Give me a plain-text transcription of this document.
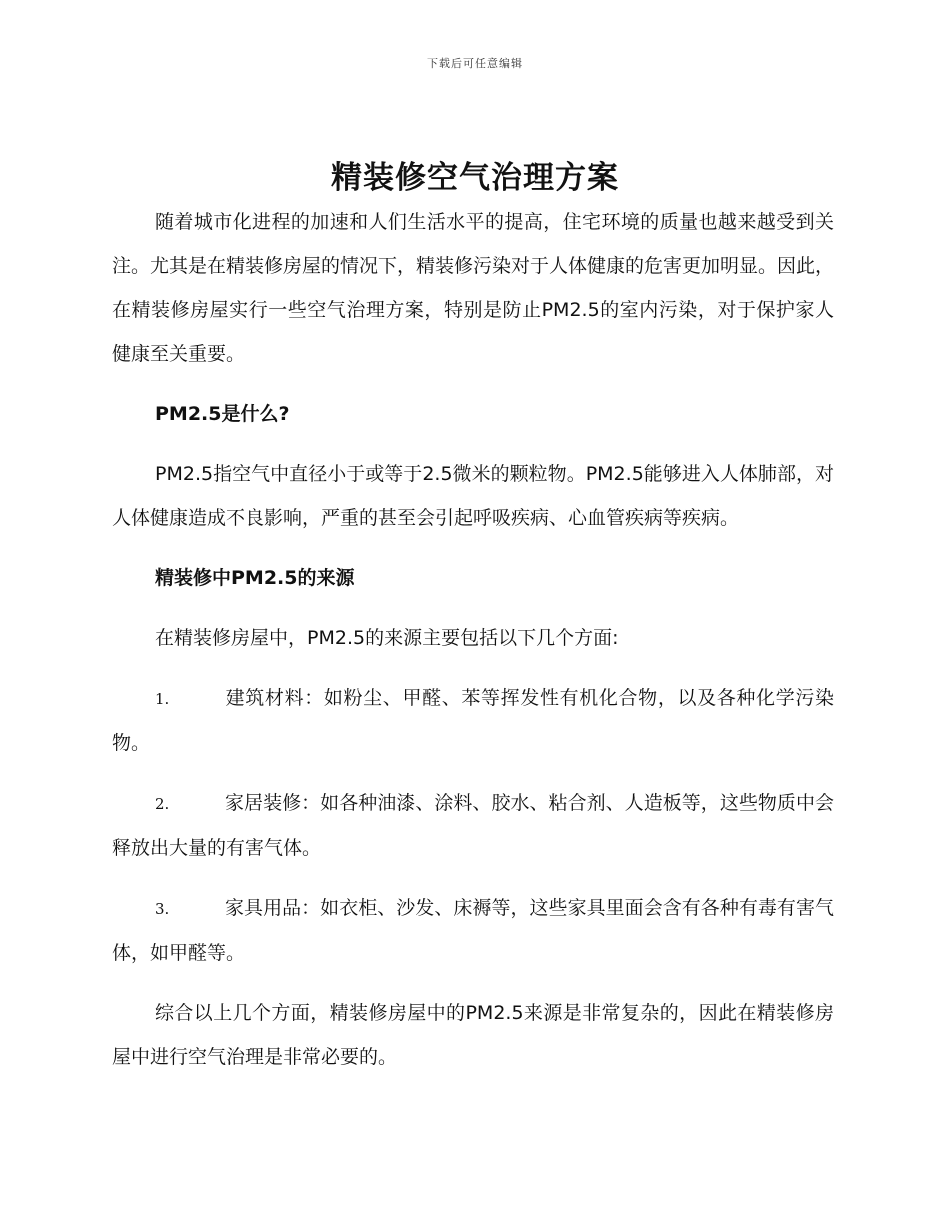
下载后可任意编辑
精装修空气治理方案

随着城市化进程的加速和人们生活水平的提高，住宅环境的质量也越来越受到关注。尤其是在精装修房屋的情况下，精装修污染对于人体健康的危害更加明显。因此，在精装修房屋实行一些空气治理方案，特别是防止PM2.5的室内污染，对于保护家人健康至关重要。

PM2.5是什么?

PM2.5指空气中直径小于或等于2.5微米的颗粒物。PM2.5能够进入人体肺部，对人体健康造成不良影响，严重的甚至会引起呼吸疾病、心血管疾病等疾病。

精装修中PM2.5的来源

在精装修房屋中，PM2.5的来源主要包括以下几个方面:

1.	建筑材料：如粉尘、甲醛、苯等挥发性有机化合物，以及各种化学污染物。

2.	家居装修：如各种油漆、涂料、胶水、粘合剂、人造板等，这些物质中会释放出大量的有害气体。

3.	家具用品：如衣柜、沙发、床褥等，这些家具里面会含有各种有毒有害气体，如甲醛等。

综合以上几个方面，精装修房屋中的PM2.5来源是非常复杂的，因此在精装修房屋中进行空气治理是非常必要的。
